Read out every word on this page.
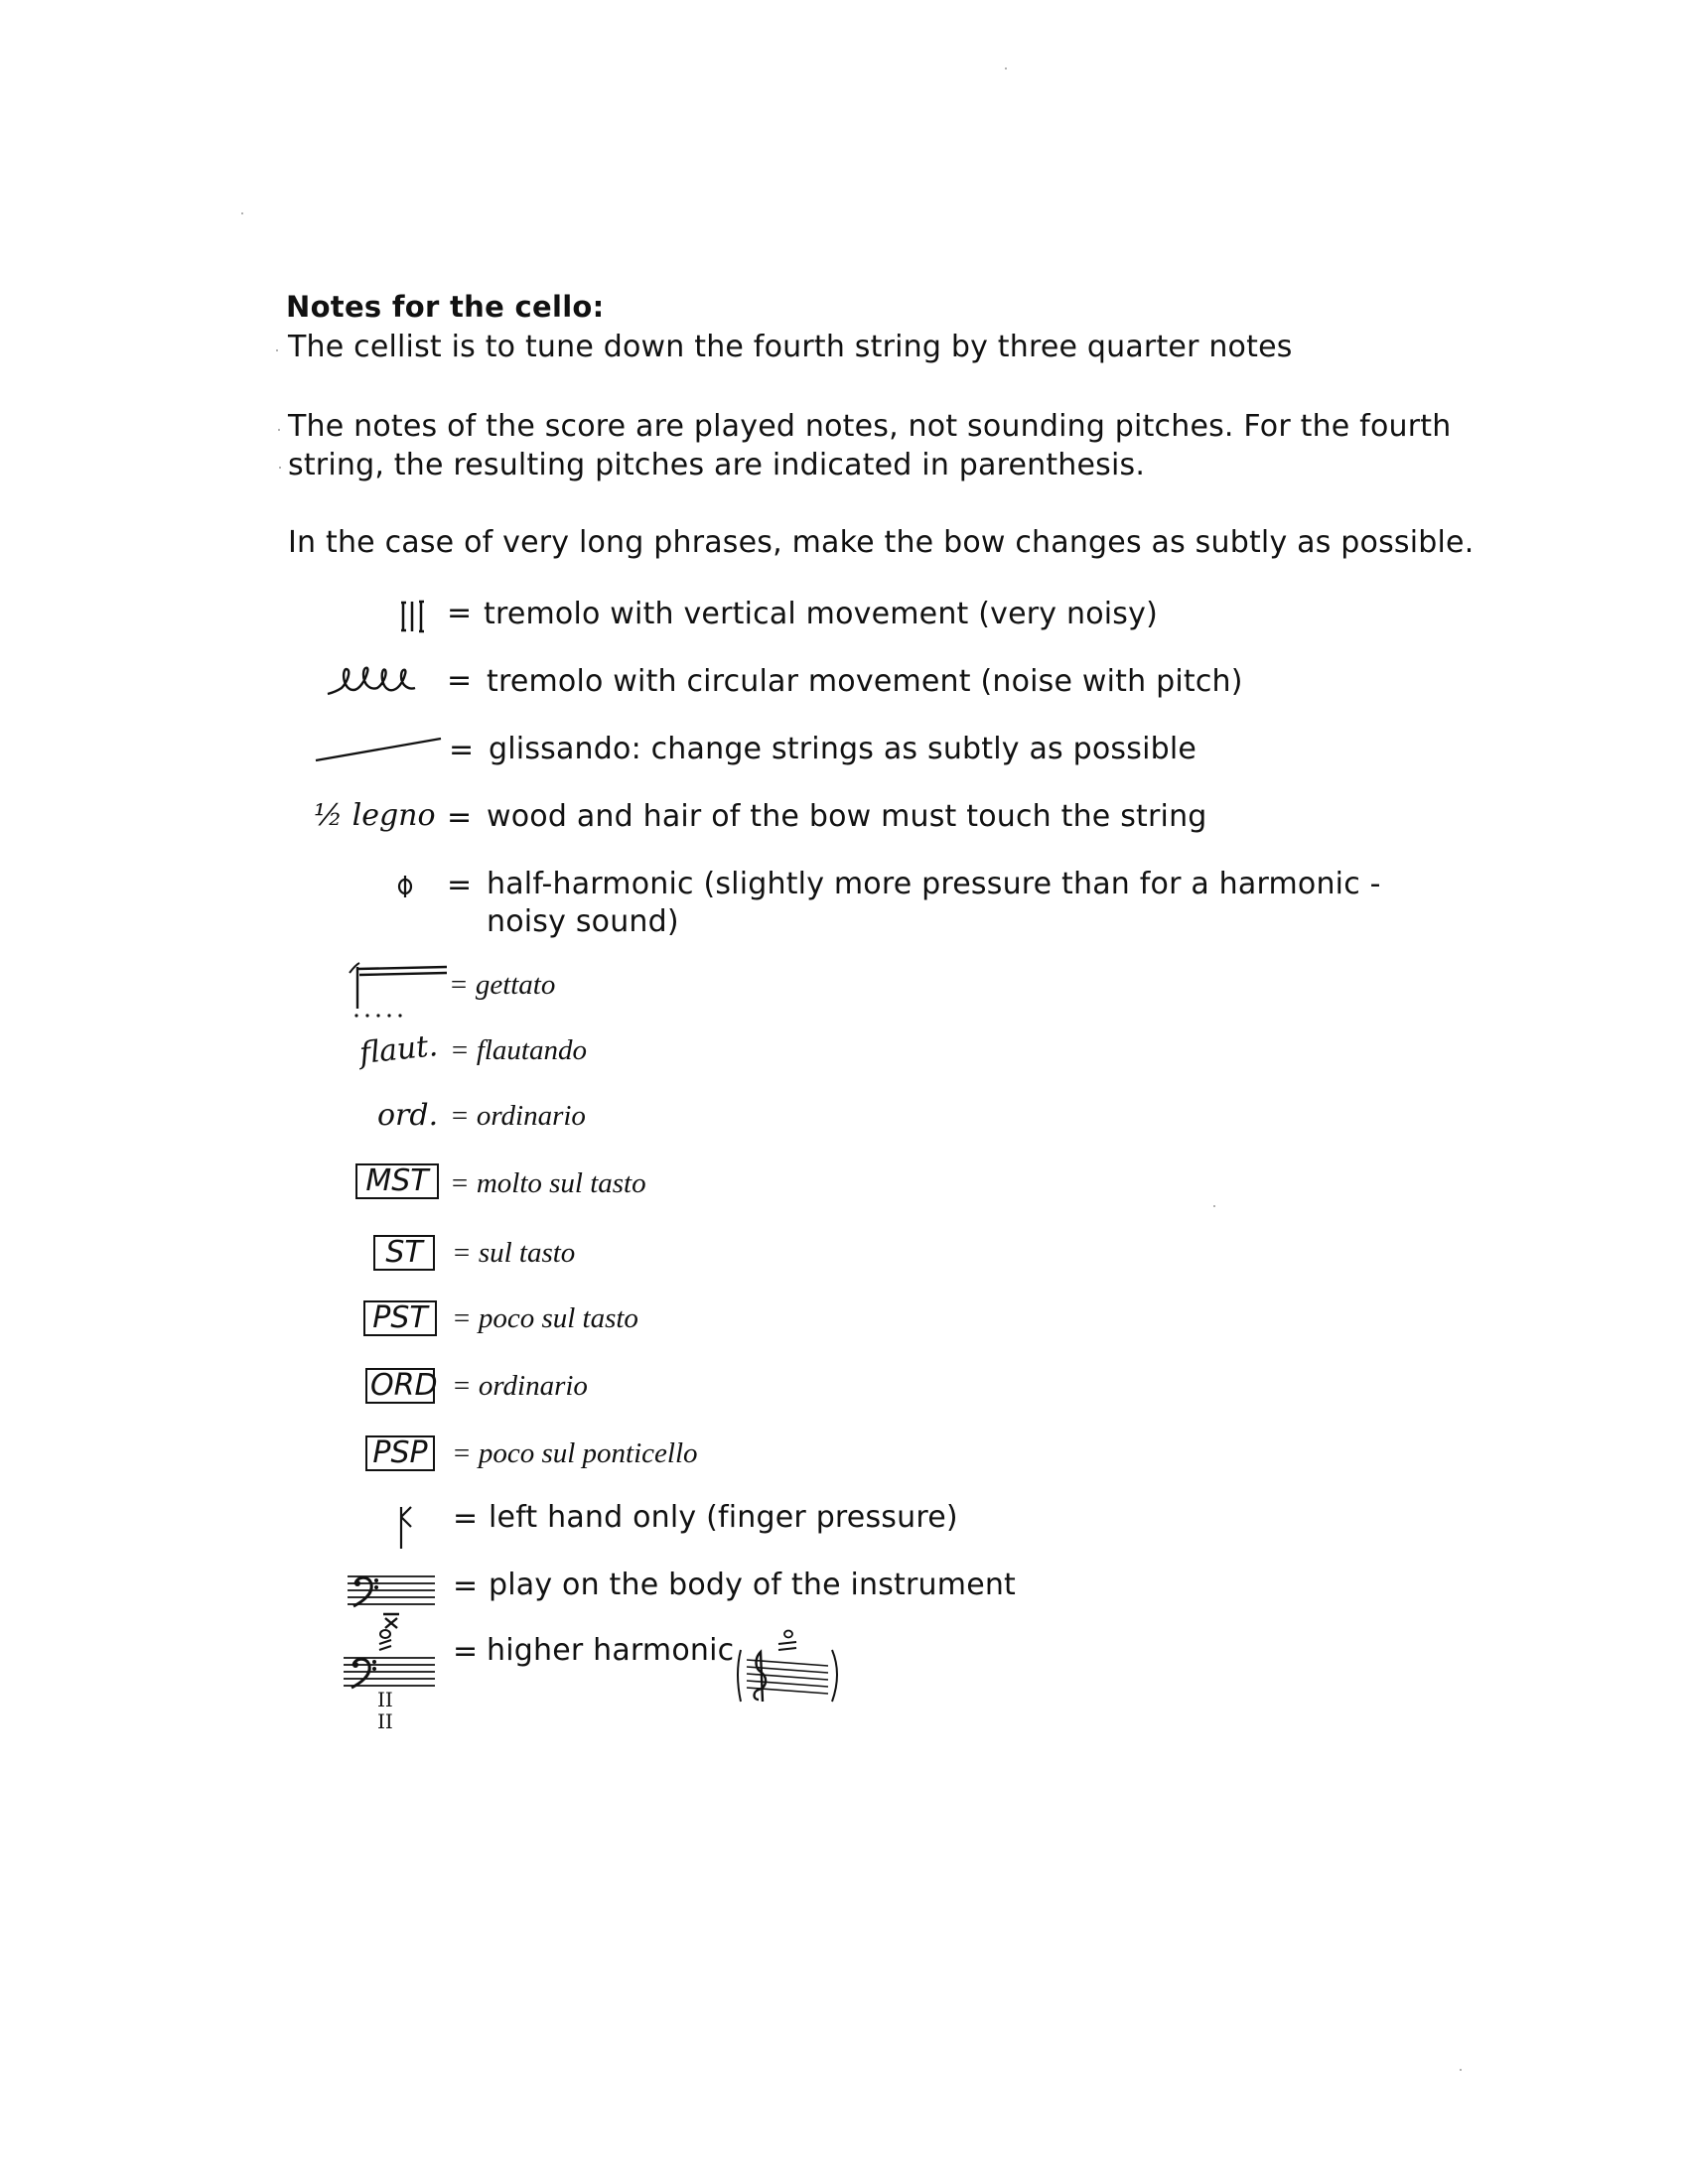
Notes for the cello:
The cellist is to tune down the fourth string by three quarter notes
The notes of the score are played notes, not sounding pitches. For the fourth
string, the resulting pitches are indicated in parenthesis.
In the case of very long phrases, make the bow changes as subtly as possible.
= tremolo with vertical movement (very noisy)
= tremolo with circular movement (noise with pitch)
= glissando: change strings as subtly as possible
½ legno = wood and hair of the bow must touch the string
= half-harmonic (slightly more pressure than for a harmonic -
noisy sound)
= gettato
flaut. = flautando
ord. = ordinario
MST = molto sul tasto
ST	= sul tasto
PST = poco sul tasto
ORD = ordinario
PSP = poco sul ponticello
= left hand only (finger pressure)
= play on the body of the instrument
II
II
= higher harmonic
